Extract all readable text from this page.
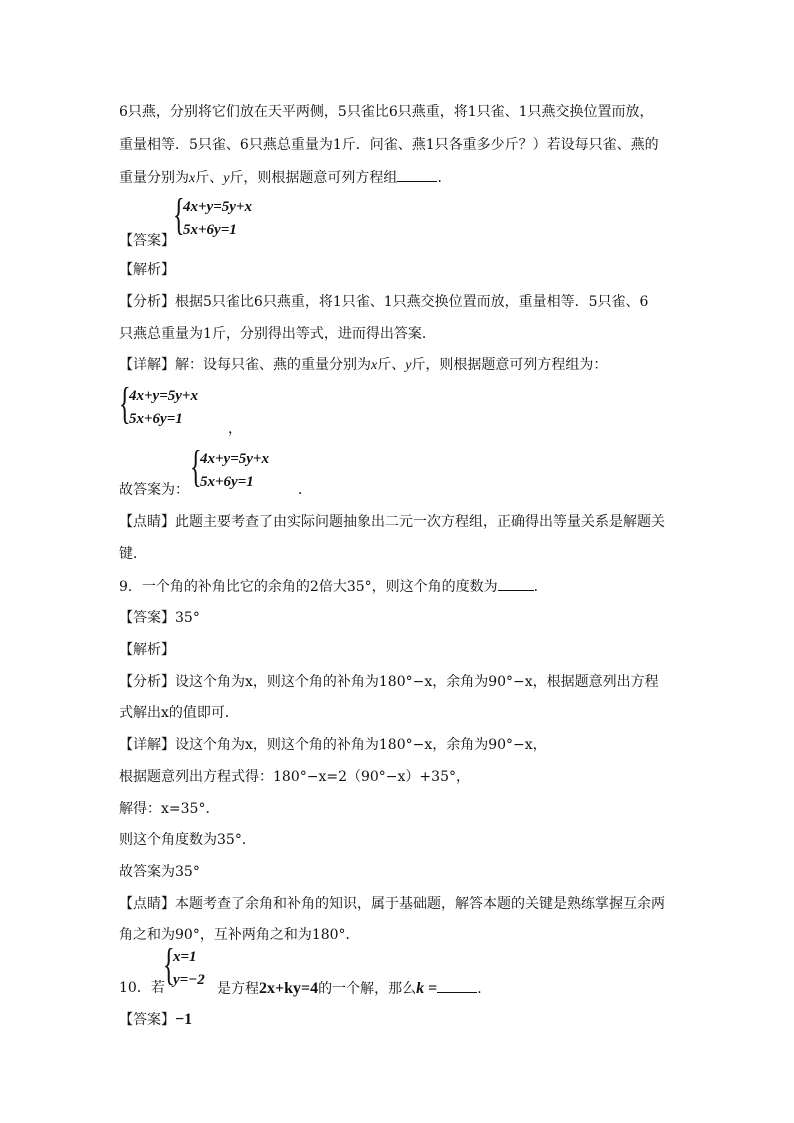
6只燕，分别将它们放在天平两侧，5只雀比6只燕重，将1只雀、1只燕交换位置而放，
重量相等．5只雀、6只燕总重量为1斤．问雀、燕1只各重多少斤？）若设每只雀、燕的
重量分别为x斤、y斤，则根据题意可列方程组	．
【答案】
{
4x+y=5y+x
5x+6y=1
【解析】
【分析】根据5只雀比6只燕重，将1只雀、1只燕交换位置而放，重量相等．5只雀、6
只燕总重量为1斤，分别得出等式，进而得出答案．
【详解】解：设每只雀、燕的重量分别为x斤、y斤，则根据题意可列方程组为：
{
4x+y=5y+x
5x+6y=1
，
故答案为： {
4x+y=5y+x
5x+6y=1	．
【点睛】此题主要考查了由实际问题抽象出二元一次方程组，正确得出等量关系是解题关
键．
9．一个角的补角比它的余角的2倍大35°，则这个角的度数为	．
【答案】35°
【解析】
【分析】设这个角为x，则这个角的补角为180°−x，余角为90°−x，根据题意列出方程
式解出x的值即可．
【详解】设这个角为x，则这个角的补角为180°−x，余角为90°−x，
根据题意列出方程式得：180°−x=2（90°−x）+35°，
解得：x=35°．
则这个角度数为35°．
故答案为35°
【点睛】本题考查了余角和补角的知识，属于基础题，解答本题的关键是熟练掌握互余两
角之和为90°，互补两角之和为180°．
10．若
{
x=1
y=−2
是方程2x+ky=4的一个解，那么k =	．
【答案】−1
